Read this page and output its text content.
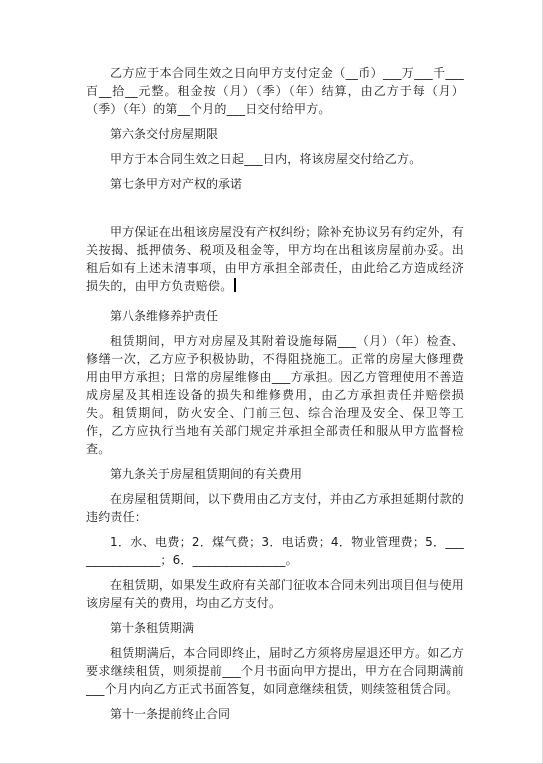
乙方应于本合同生效之日向甲方支付定金（__币）___万___千___百__拾__元整。租金按（月）（季）（年）结算，由乙方于每（月）（季）（年）的第__个月的___日交付给甲方。

第六条交付房屋期限

甲方于本合同生效之日起___日内，将该房屋交付给乙方。

第七条甲方对产权的承诺

甲方保证在出租该房屋没有产权纠纷；除补充协议另有约定外，有关按揭、抵押债务、税项及租金等，甲方均在出租该房屋前办妥。出租后如有上述未清事项，由甲方承担全部责任，由此给乙方造成经济损失的，由甲方负责赔偿。

第八条维修养护责任

租赁期间，甲方对房屋及其附着设施每隔___（月）（年）检查、修缮一次，乙方应予积极协助，不得阻挠施工。正常的房屋大修理费用由甲方承担；日常的房屋维修由___方承担。因乙方管理使用不善造成房屋及其相连设备的损失和维修费用，由乙方承担责任并赔偿损失。租赁期间，防火安全、门前三包、综合治理及安全、保卫等工作，乙方应执行当地有关部门规定并承担全部责任和服从甲方监督检查。

第九条关于房屋租赁期间的有关费用

在房屋租赁期间，以下费用由乙方支付，并由乙方承担延期付款的违约责任：

1．水、电费；2．煤气费；3．电话费；4．物业管理费；5．_______________；6．_______________。

在租赁期，如果发生政府有关部门征收本合同未列出项目但与使用该房屋有关的费用，均由乙方支付。

第十条租赁期满

租赁期满后，本合同即终止，届时乙方须将房屋退还甲方。如乙方要求继续租赁，则须提前___个月书面向甲方提出，甲方在合同期满前___个月内向乙方正式书面答复，如同意继续租赁，则续签租赁合同。

第十一条提前终止合同
